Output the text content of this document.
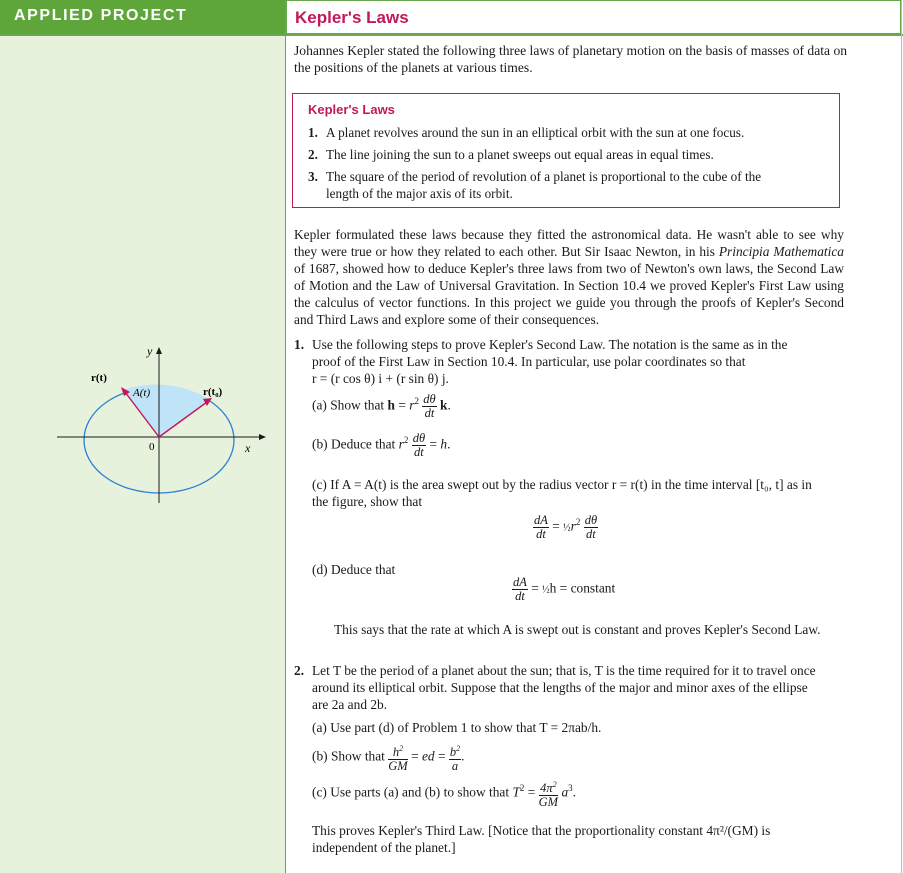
APPLIED PROJECT	Kepler's Laws
y
x
0
r(t)
r(t₀)
A(t)

Johannes Kepler stated the following three laws of planetary motion on the basis of masses of data on the positions of the planets at various times.

Kepler's Laws
1. A planet revolves around the sun in an elliptical orbit with the sun at one focus.
2. The line joining the sun to a planet sweeps out equal areas in equal times.
3. The square of the period of revolution of a planet is proportional to the cube of the length of the major axis of its orbit.
Kepler formulated these laws because they fitted the astronomical data. He wasn't able to see why they were true or how they related to each other. But Sir Isaac Newton, in his Principia Mathematica of 1687, showed how to deduce Kepler's three laws from two of Newton's own laws, the Second Law of Motion and the Law of Universal Gravitation. In Section 10.4 we proved Kepler's First Law using the calculus of vector functions. In this project we guide you through the proofs of Kepler's Second and Third Laws and explore some of their consequences.
1. Use the following steps to prove Kepler's Second Law. The notation is the same as in the proof of the First Law in Section 10.4. In particular, use polar coordinates so that
r = (r cos θ) i + (r sin θ) j.
(a) Show that $h = r^2 \frac{d\theta}{dt} k$.
(b) Deduce that $r^2 \frac{d\theta}{dt} = h$.
(c) If A = A(t) is the area swept out by the radius vector r = r(t) in the time interval [t₀, t] as in the figure, show that
$\frac{dA}{dt}$ = $\frac{1}{2}r^2 \frac{d\theta}{dt}$
(d) Deduce that
$\frac{dA}{dt}$ = ½h = constant
This says that the rate at which A is swept out is constant and proves Kepler's Second Law.
2. Let T be the period of a planet about the sun; that is, T is the time required for it to travel once around its elliptical orbit. Suppose that the lengths of the major and minor axes of the ellipse are 2a and 2b.
(a) Use part (d) of Problem 1 to show that T = 2πab/h.
(b) Show that $\frac{h^2}{GM}$ = ed = $\frac{b^2}{a}$ .
(c) Use parts (a) and (b) to show that $T^2 = \frac{4\pi^2}{GM} a^3$.
This proves Kepler's Third Law. [Notice that the proportionality constant 4π²/(GM) is independent of the planet.]
